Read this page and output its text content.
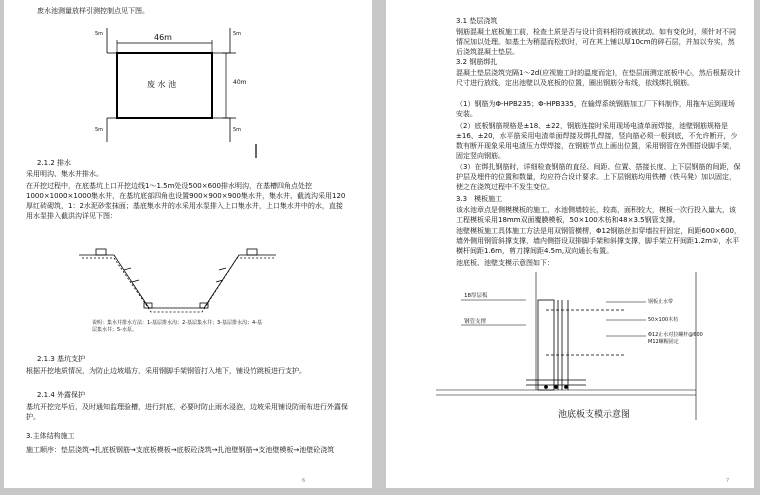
废水池测量放样引测控制点见下图。
46m
40m
废 水 池
5m	5m
5m	5m
2.1.2 排水
采用明沟、集水井排水。
在开挖过程中，在底基坑上口开挖边线1～1.5m处设500×600排水明沟，在基槽四角点处挖1000×1000×1000集水井，在基坑底部四角也设置900×900×900集水井，集水井、截流沟采用120厚红砖砌筑，1：2水泥砂浆抹面；基底集水井的水采用水泵排入上口集水井，上口集水井中的水，直接用水泵排入截洪沟详见下图：
说明：集水井排水方法：1-基层排水沟；2-基层集水井；3-基层排水沟；4-基层集水井；5-水泵。
2.1.3 基坑支护
根据开挖地质情况，为防止边坡塌方，采用钢脚手架钢管打入地下，铺设竹跳板进行支护。
2.1.4 外露保护
基坑开挖完毕后，及时通知监理验槽，进行封底，必要时防止雨水浸泡，边坡采用铺设防雨布进行外露保护。
3.主体结构施工
施工顺序：垫层浇筑→扎底板钢筋→支底板模板→底板砼浇筑→扎池壁钢筋→支池壁模板→池壁砼浇筑
6
3.1 垫层浇筑
钢筋混凝土底板施工前，检查土质是否与设计资料相符或被扰动。如有变化时，须针对不同情况加以处理。如基土为稍湿而松软时，可在其上铺以厚10cm的碎石层，并加以夯实，然后浇筑混凝土垫层。
3.2 钢筋绑扎
混凝土垫层浇筑完隔1～2d(应视施工时的温度而定)，在垫层面测定底板中心，然后根据设计尺寸进行放线，定出池壁以及底板的位置，圈出钢筋分布线，依线绑扎钢筋。
（1）钢筋为Φ-HPB235；Φ-HPB335，在输焊系统钢筋加工厂下料制作，用拖车运到现场安装。
（2）底板钢筋规格是±18、±22，钢筋连接时采用现场电渣单面焊接，池壁钢筋规格是±16、±20，水平筋采用电渣单面焊接及绑扎焊接，竖向筋必须一根到底，不允许断开，少数有断开现象采用电渣压力焊焊接，在钢筋节点上画出位置，采用钢管在外围搭设脚手架，固定竖向钢筋。
（3）在绑扎钢筋时，详细检查钢筋的直径、间距、位置、搭接长度、上下层钢筋的间距，保护层及埋件的位置和数量，均应符合设计要求。上下层钢筋均用铁槽（铁马凳）加以固定，使之在浇筑过程中不发生变位。
3.3　模板施工
该水池章点是侧模模板的施工，水池侧墙较长，较高，面积较大，模板一次行投入量大，该工程模板采用18mm双面覆膜模板，50×100木枋和48×3.5钢管支撑。
池壁模板施工具体施工方法是用双钢管横楞，Φ12钢筋丝扣穿墙拉杆固定，间距600×600，墙外侧用钢管斜撑支撑，墙内侧搭设双排脚手架和斜撑支撑，脚手架立杆间距1.2m①，水平横杆间距1.6m，剪刀撑间距4.5m,双向通长布置。
池底板、池壁支模示意图如下：
18厚层板
钢管支撑
钢板止水带
50×100木枋
Φ12止水对拉螺杆@600 M12螺帽固定
池底板支模示意图
7
